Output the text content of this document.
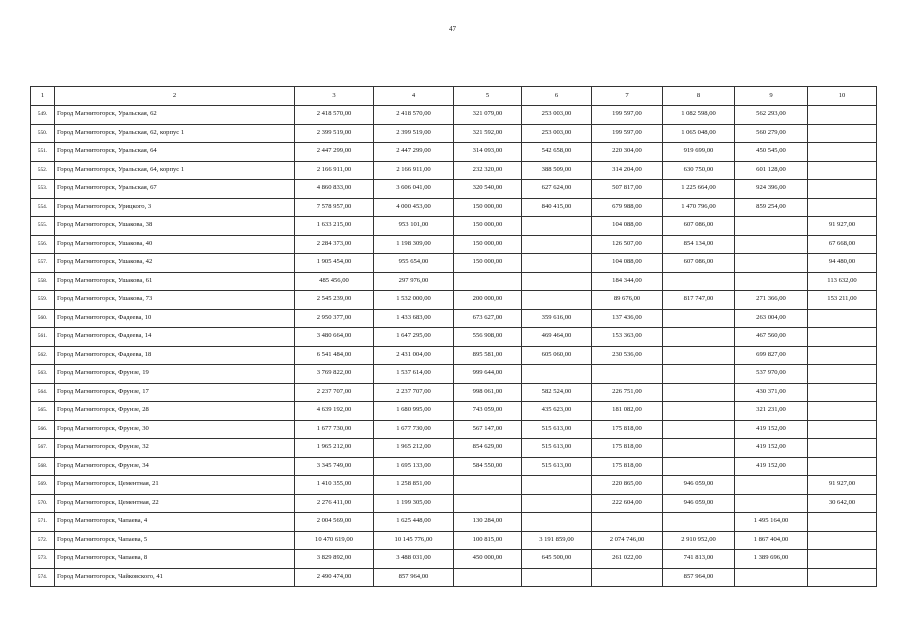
47
1	2	3	4	5	6	7	8	9	10
549.	Город Магнитогорск, Уральская, 62	2 418 570,00	2 418 570,00	321 079,00	253 003,00	199 597,00	1 082 598,00	562 293,00	
550.	Город Магнитогорск, Уральская, 62, корпус 1	2 399 519,00	2 399 519,00	321 592,00	253 003,00	199 597,00	1 065 048,00	560 279,00	
551.	Город Магнитогорск, Уральская, 64	2 447 299,00	2 447 299,00	314 093,00	542 658,00	220 304,00	919 699,00	450 545,00	
552.	Город Магнитогорск, Уральская, 64, корпус 1	2 166 911,00	2 166 911,00	232 320,00	388 509,00	314 204,00	630 750,00	601 128,00	
553.	Город Магнитогорск, Уральская, 67	4 860 833,00	3 606 041,00	320 540,00	627 624,00	507 817,00	1 225 664,00	924 396,00	
554.	Город Магнитогорск, Урицкого, 3	7 578 957,00	4 000 453,00	150 000,00	840 415,00	679 988,00	1 470 796,00	859 254,00	
555.	Город Магнитогорск, Ушакова, 38	1 633 215,00	953 101,00	150 000,00		104 088,00	607 086,00		91 927,00
556.	Город Магнитогорск, Ушакова, 40	2 284 373,00	1 198 309,00	150 000,00		126 507,00	854 134,00		67 668,00
557.	Город Магнитогорск, Ушакова, 42	1 905 454,00	955 654,00	150 000,00		104 088,00	607 086,00		94 480,00
558.	Город Магнитогорск, Ушакова, 61	485 456,00	297 976,00			184 344,00			113 632,00
559.	Город Магнитогорск, Ушакова, 73	2 545 239,00	1 532 000,00	200 000,00		89 676,00	817 747,00	271 366,00	153 211,00
560.	Город Магнитогорск, Фадеева, 10	2 950 377,00	1 433 683,00	673 627,00	359 616,00	137 436,00		263 004,00	
561.	Город Магнитогорск, Фадеева, 14	3 480 664,00	1 647 295,00	556 908,00	469 464,00	153 363,00		467 560,00	
562.	Город Магнитогорск, Фадеева, 18	6 541 484,00	2 431 004,00	895 581,00	605 060,00	230 536,00		699 827,00	
563.	Город Магнитогорск, Фрунзе, 19	3 769 822,00	1 537 614,00	999 644,00				537 970,00	
564.	Город Магнитогорск, Фрунзе, 17	2 237 707,00	2 237 707,00	998 061,00	582 524,00	226 751,00		430 371,00	
565.	Город Магнитогорск, Фрунзе, 28	4 639 192,00	1 680 995,00	743 059,00	435 623,00	181 082,00		321 231,00	
566.	Город Магнитогорск, Фрунзе, 30	1 677 730,00	1 677 730,00	567 147,00	515 613,00	175 818,00		419 152,00	
567.	Город Магнитогорск, Фрунзе, 32	1 965 212,00	1 965 212,00	854 629,00	515 613,00	175 818,00		419 152,00	
568.	Город Магнитогорск, Фрунзе, 34	3 345 749,00	1 695 133,00	584 550,00	515 613,00	175 818,00		419 152,00	
569.	Город Магнитогорск, Цементная, 21	1 410 355,00	1 258 851,00			220 865,00	946 059,00		91 927,00
570.	Город Магнитогорск, Цементная, 22	2 276 411,00	1 199 305,00			222 604,00	946 059,00		30 642,00
571.	Город Магнитогорск, Чапаева, 4	2 004 569,00	1 625 448,00	130 284,00				1 495 164,00	
572.	Город Магнитогорск, Чапаева, 5	10 470 619,00	10 145 776,00	100 815,00	3 191 859,00	2 074 746,00	2 910 952,00	1 867 404,00	
573.	Город Магнитогорск, Чапаева, 8	3 829 892,00	3 488 031,00	450 000,00	645 500,00	261 022,00	741 813,00	1 389 696,00	
574.	Город Магнитогорск, Чайковского, 41	2 490 474,00	857 964,00				857 964,00		
